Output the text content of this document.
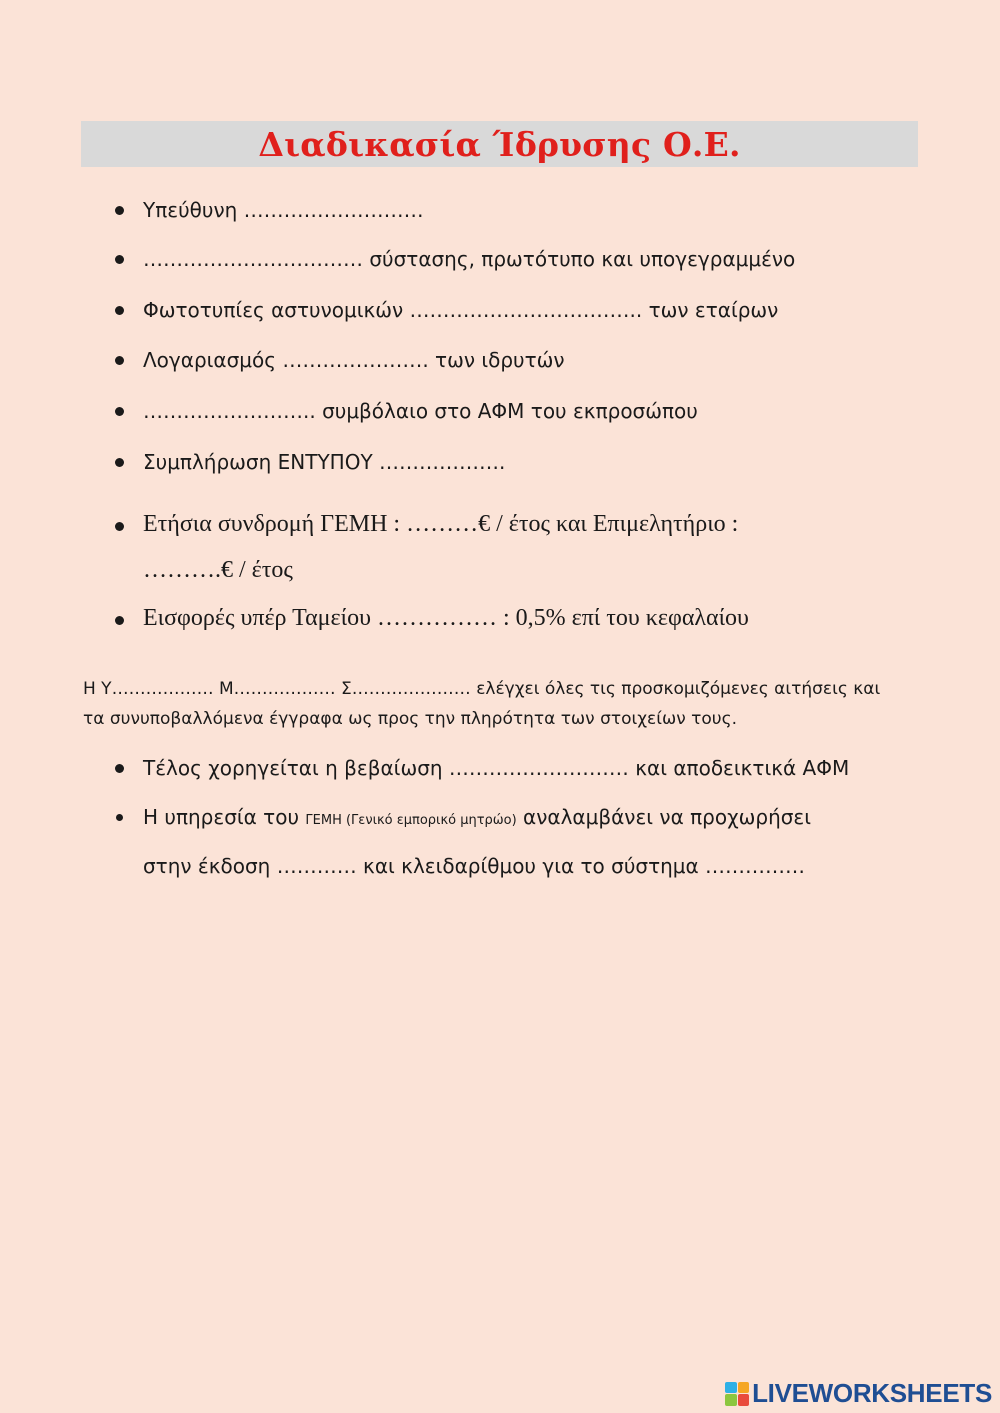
Διαδικασία Ίδρυσης Ο.Ε.
Υπεύθυνη ………………………
…………………………… σύστασης, πρωτότυπο και υπογεγραμμένο
Φωτοτυπίες αστυνομικών …………………………….. των εταίρων
Λογαριασμός …………………. των ιδρυτών
…………………….. συμβόλαιο στο ΑΦΜ του εκπροσώπου
Συμπλήρωση ΕΝΤΥΠΟΥ ……………….
Ετήσια συνδρομή ΓΕΜΗ : ………€ / έτος και Επιμελητήριο :
……….€ / έτος
Εισφορές υπέρ Ταμείου …………… : 0,5% επί του κεφαλαίου
Η Υ……………… Μ……………… Σ………………… ελέγχει όλες τις προσκομιζόμενες αιτήσεις και
τα συνυποβαλλόμενα έγγραφα ως προς την πληρότητα των στοιχείων τους.
Τέλος χορηγείται η βεβαίωση ……………………… και αποδεικτικά ΑΦΜ
Η υπηρεσία του ΓΕΜΗ (Γενικό εμπορικό μητρώο) αναλαμβάνει να προχωρήσει
στην έκδοση ………… και κλειδαρίθμου για το σύστημα ……………
LIVEWORKSHEETS
